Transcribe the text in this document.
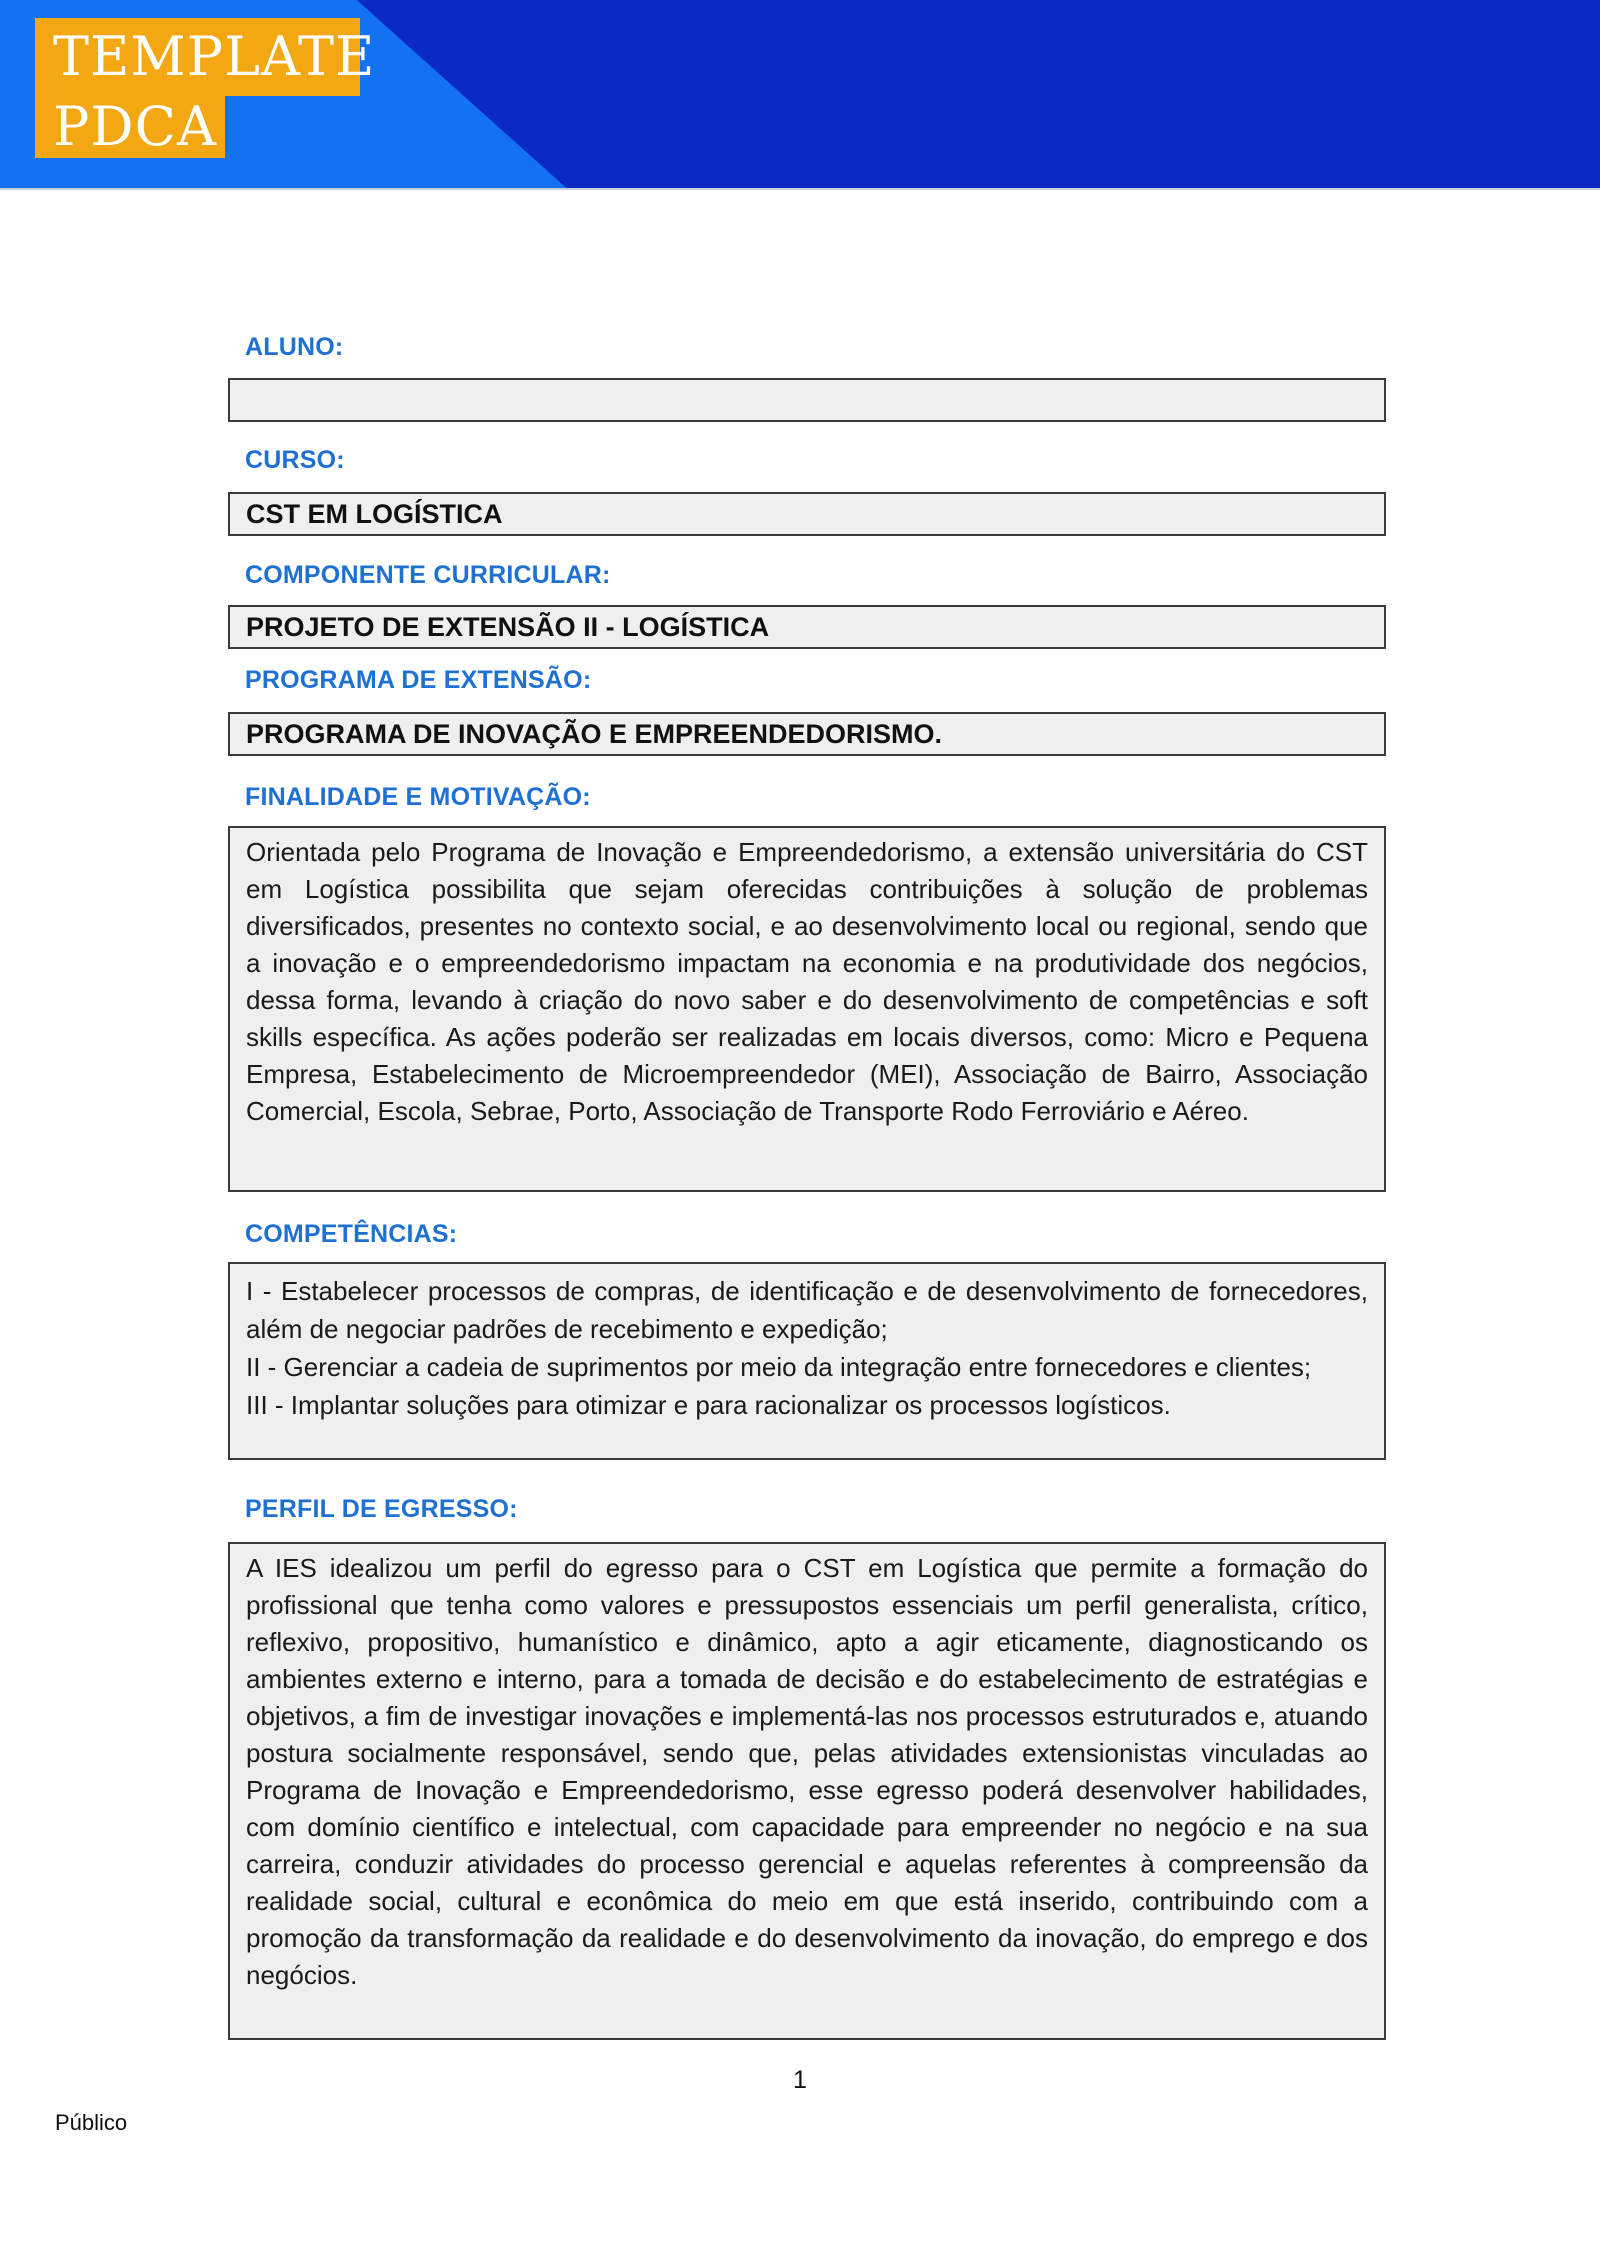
TEMPLATE
PDCA
ALUNO:
CURSO:
CST EM LOGÍSTICA
COMPONENTE CURRICULAR:
PROJETO DE EXTENSÃO II - LOGÍSTICA
PROGRAMA DE EXTENSÃO:
PROGRAMA DE INOVAÇÃO E EMPREENDEDORISMO.
FINALIDADE E MOTIVAÇÃO:
Orientada pelo Programa de Inovação e Empreendedorismo, a extensão universitária do CST em Logística possibilita que sejam oferecidas contribuições à solução de problemas diversificados, presentes no contexto social, e ao desenvolvimento local ou regional, sendo que a inovação e o empreendedorismo impactam na economia e na produtividade dos negócios, dessa forma, levando à criação do novo saber e do desenvolvimento de competências e soft skills específica. As ações poderão ser realizadas em locais diversos, como: Micro e Pequena Empresa, Estabelecimento de Microempreendedor (MEI), Associação de Bairro, Associação Comercial, Escola, Sebrae, Porto, Associação de Transporte Rodo Ferroviário e Aéreo.
COMPETÊNCIAS:
I - Estabelecer processos de compras, de identificação e de desenvolvimento de fornecedores, além de negociar padrões de recebimento e expedição;
II - Gerenciar a cadeia de suprimentos por meio da integração entre fornecedores e clientes;
III - Implantar soluções para otimizar e para racionalizar os processos logísticos.
PERFIL DE EGRESSO:
A IES idealizou um perfil do egresso para o CST em Logística que permite a formação do profissional que tenha como valores e pressupostos essenciais um perfil generalista, crítico, reflexivo, propositivo, humanístico e dinâmico, apto a agir eticamente, diagnosticando os ambientes externo e interno, para a tomada de decisão e do estabelecimento de estratégias e objetivos, a fim de investigar inovações e implementá-las nos processos estruturados e, atuando postura socialmente responsável, sendo que, pelas atividades extensionistas vinculadas ao Programa de Inovação e Empreendedorismo, esse egresso poderá desenvolver habilidades, com domínio científico e intelectual, com capacidade para empreender no negócio e na sua carreira, conduzir atividades do processo gerencial e aquelas referentes à compreensão da realidade social, cultural e econômica do meio em que está inserido, contribuindo com a promoção da transformação da realidade e do desenvolvimento da inovação, do emprego e dos negócios.
1
Público
